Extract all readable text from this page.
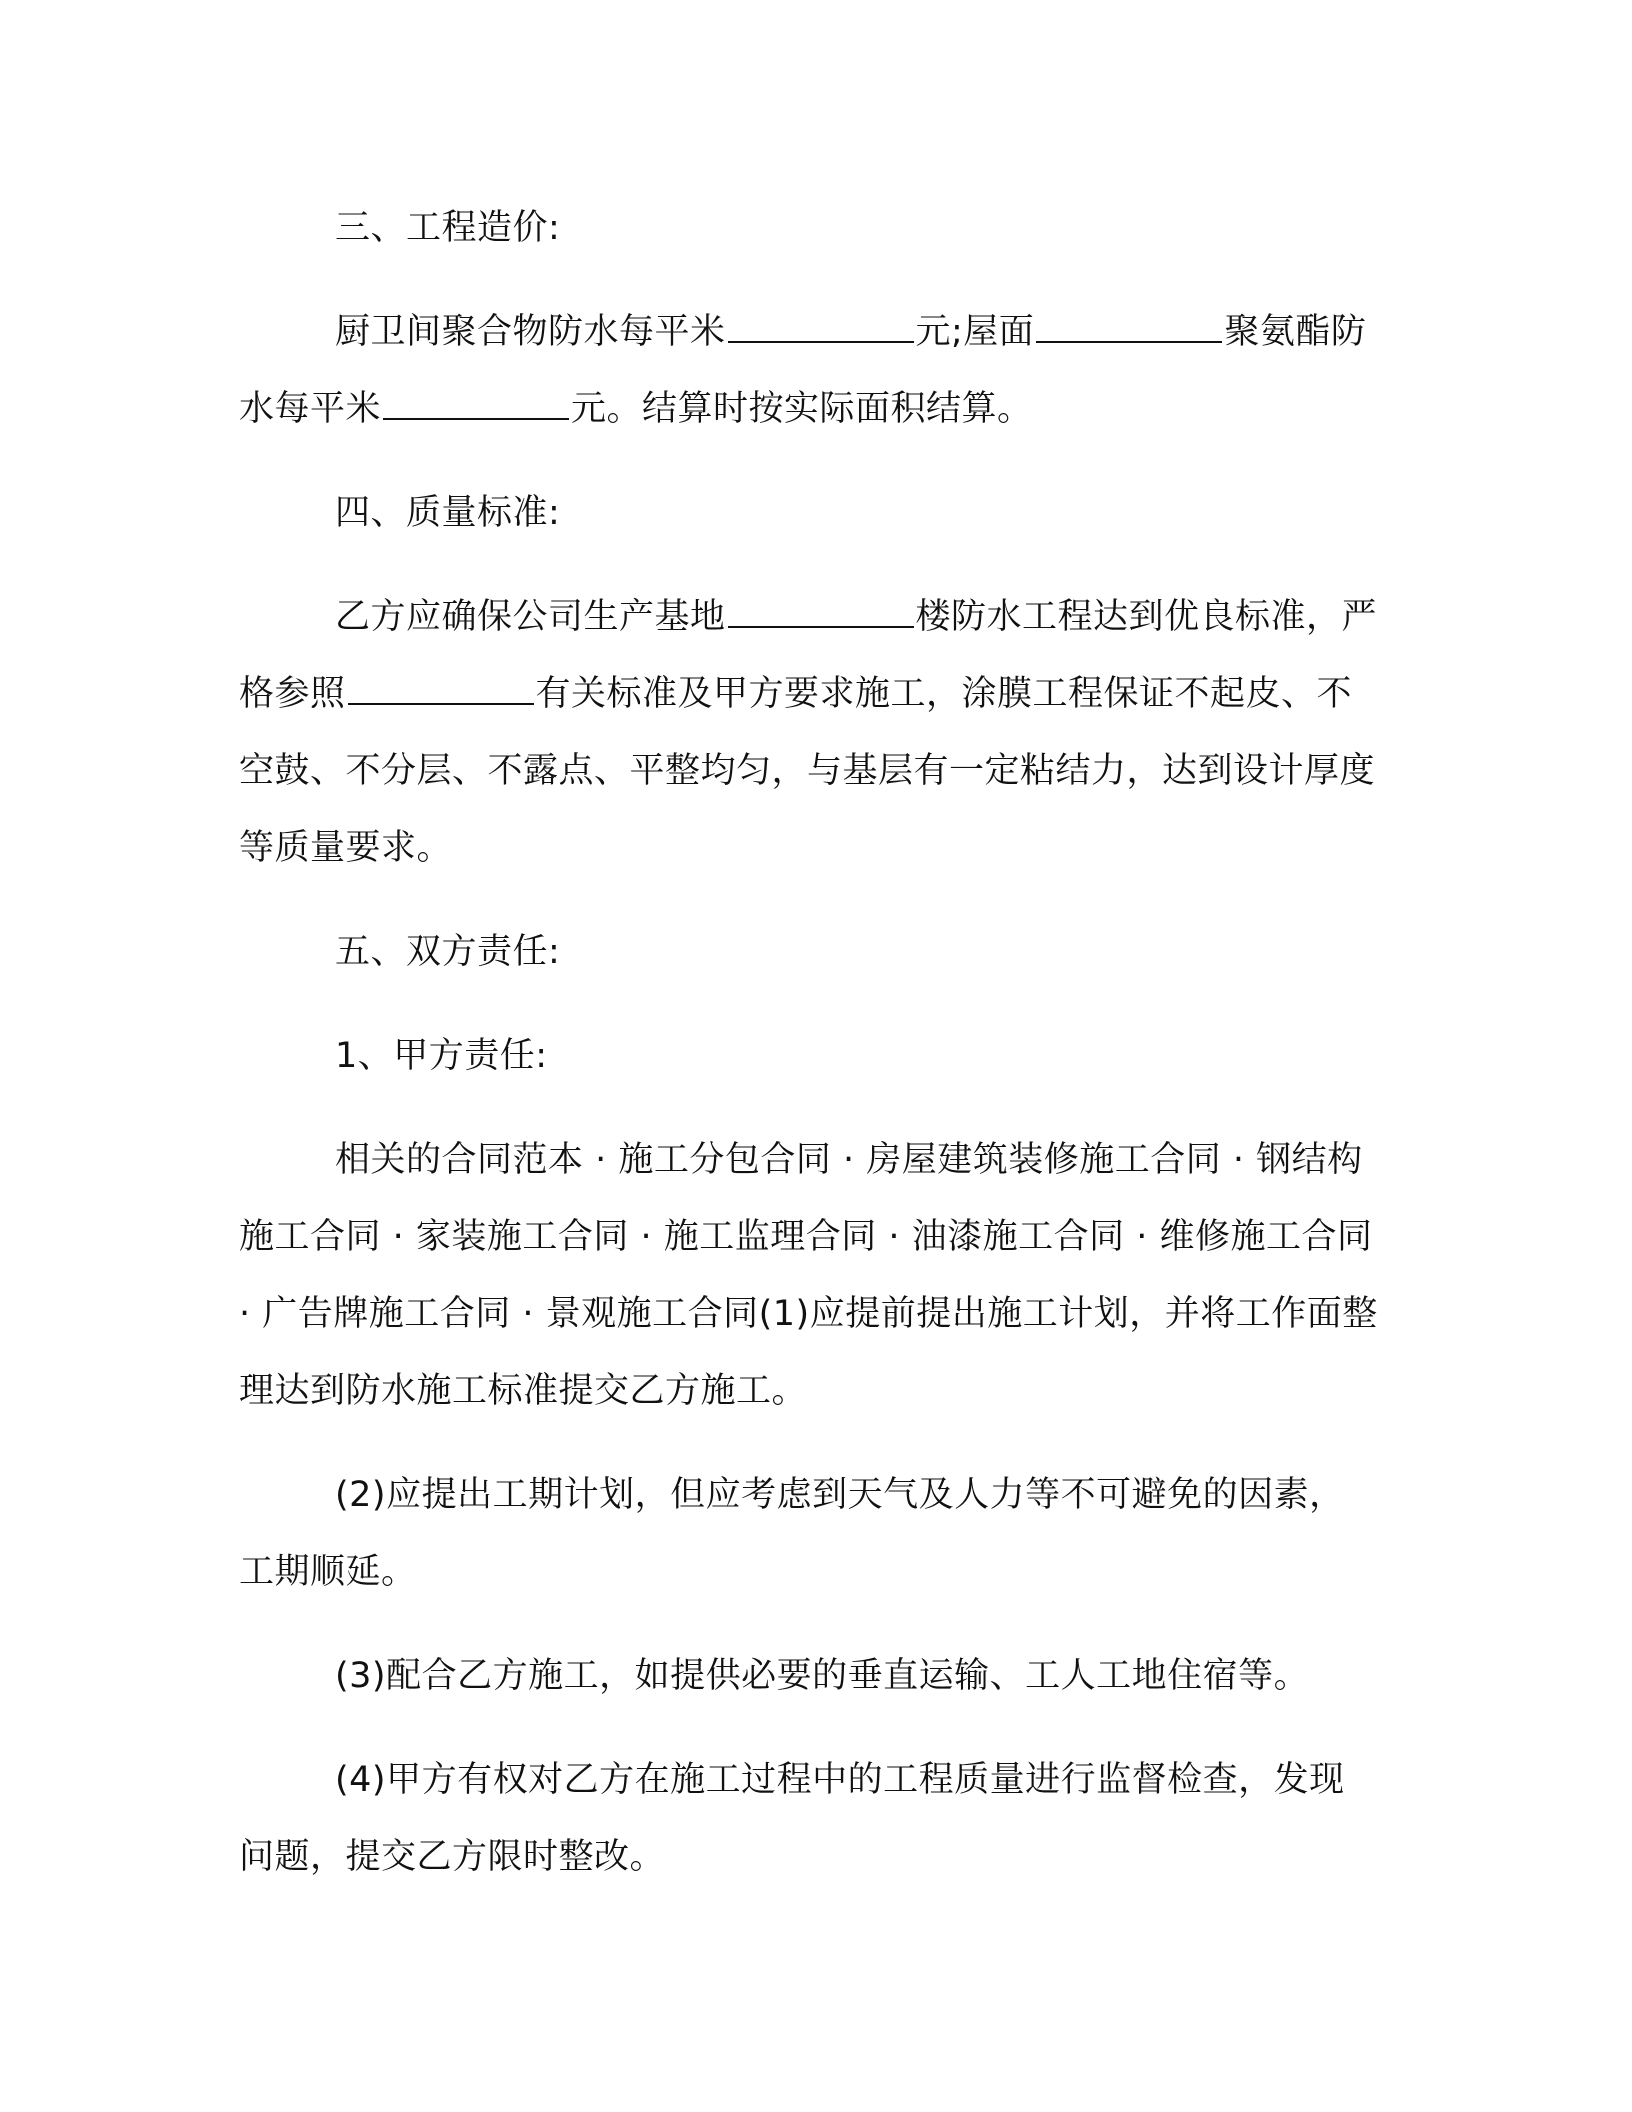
三、工程造价:

厨卫间聚合物防水每平米	元;屋面	聚氨酯防水每平米	元。结算时按实际面积结算。

四、质量标准:

乙方应确保公司生产基地	楼防水工程达到优良标准，严格参照	有关标准及甲方要求施工，涂膜工程保证不起皮、不空鼓、不分层、不露点、平整均匀，与基层有一定粘结力，达到设计厚度等质量要求。

五、双方责任:

1、甲方责任:

相关的合同范本 · 施工分包合同 · 房屋建筑装修施工合同 · 钢结构施工合同 · 家装施工合同 · 施工监理合同 · 油漆施工合同 · 维修施工合同 · 广告牌施工合同 · 景观施工合同(1)应提前提出施工计划，并将工作面整理达到防水施工标准提交乙方施工。

(2)应提出工期计划，但应考虑到天气及人力等不可避免的因素，工期顺延。

(3)配合乙方施工，如提供必要的垂直运输、工人工地住宿等。

(4)甲方有权对乙方在施工过程中的工程质量进行监督检查，发现问题，提交乙方限时整改。
